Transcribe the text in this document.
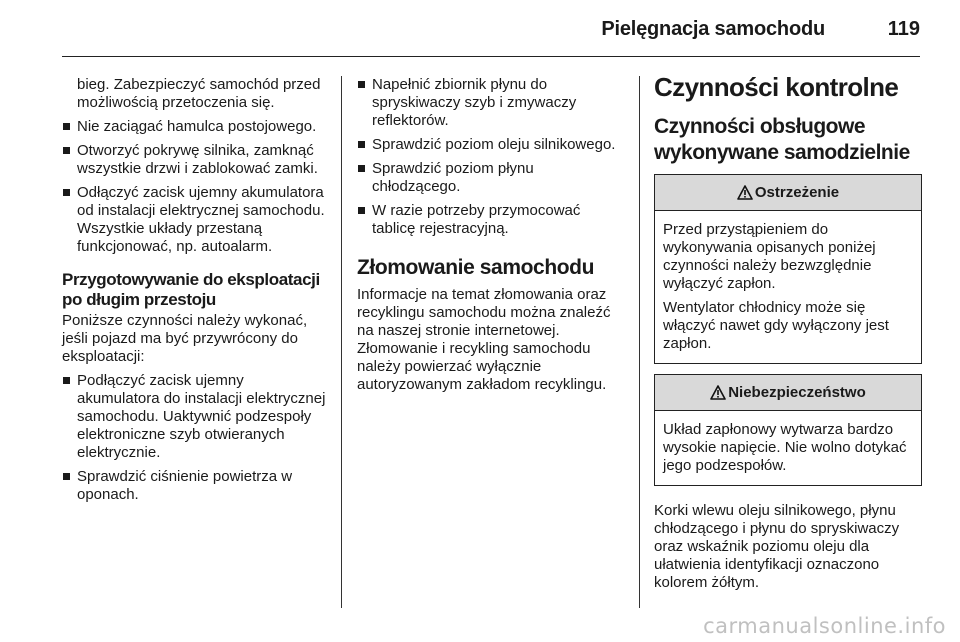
Pielęgnacja samochodu	119
bieg. Zabezpieczyć samochód przed możliwością przetoczenia się.
Nie zaciągać hamulca postojowego.
Otworzyć pokrywę silnika, zamknąć wszystkie drzwi i zablokować zamki.
Odłączyć zacisk ujemny akumulatora od instalacji elektrycznej samochodu. Wszystkie układy przestaną funkcjonować, np. autoalarm.
Przygotowywanie do eksploatacji po długim przestoju
Poniższe czynności należy wykonać, jeśli pojazd ma być przywrócony do eksploatacji:
Podłączyć zacisk ujemny akumulatora do instalacji elektrycznej samochodu. Uaktywnić podzespoły elektroniczne szyb otwieranych elektrycznie.
Sprawdzić ciśnienie powietrza w oponach.
Napełnić zbiornik płynu do spryskiwaczy szyb i zmywaczy reflektorów.
Sprawdzić poziom oleju silnikowego.
Sprawdzić poziom płynu chłodzącego.
W razie potrzeby przymocować tablicę rejestracyjną.
Złomowanie samochodu
Informacje na temat złomowania oraz recyklingu samochodu można znaleźć na naszej stronie internetowej. Złomowanie i recykling samochodu należy powierzać wyłącznie autoryzowanym zakładom recyklingu.
Czynności kontrolne
Czynności obsługowe
wykonywane samodzielnie
Ostrzeżenie
Przed przystąpieniem do wykonywania opisanych poniżej czynności należy bezwzględnie wyłączyć zapłon.
Wentylator chłodnicy może się włączyć nawet gdy wyłączony jest zapłon.
Niebezpieczeństwo
Układ zapłonowy wytwarza bardzo wysokie napięcie. Nie wolno dotykać jego podzespołów.
Korki wlewu oleju silnikowego, płynu chłodzącego i płynu do spryskiwaczy oraz wskaźnik poziomu oleju dla ułatwienia identyfikacji oznaczono kolorem żółtym.
carmanualsonline.info
